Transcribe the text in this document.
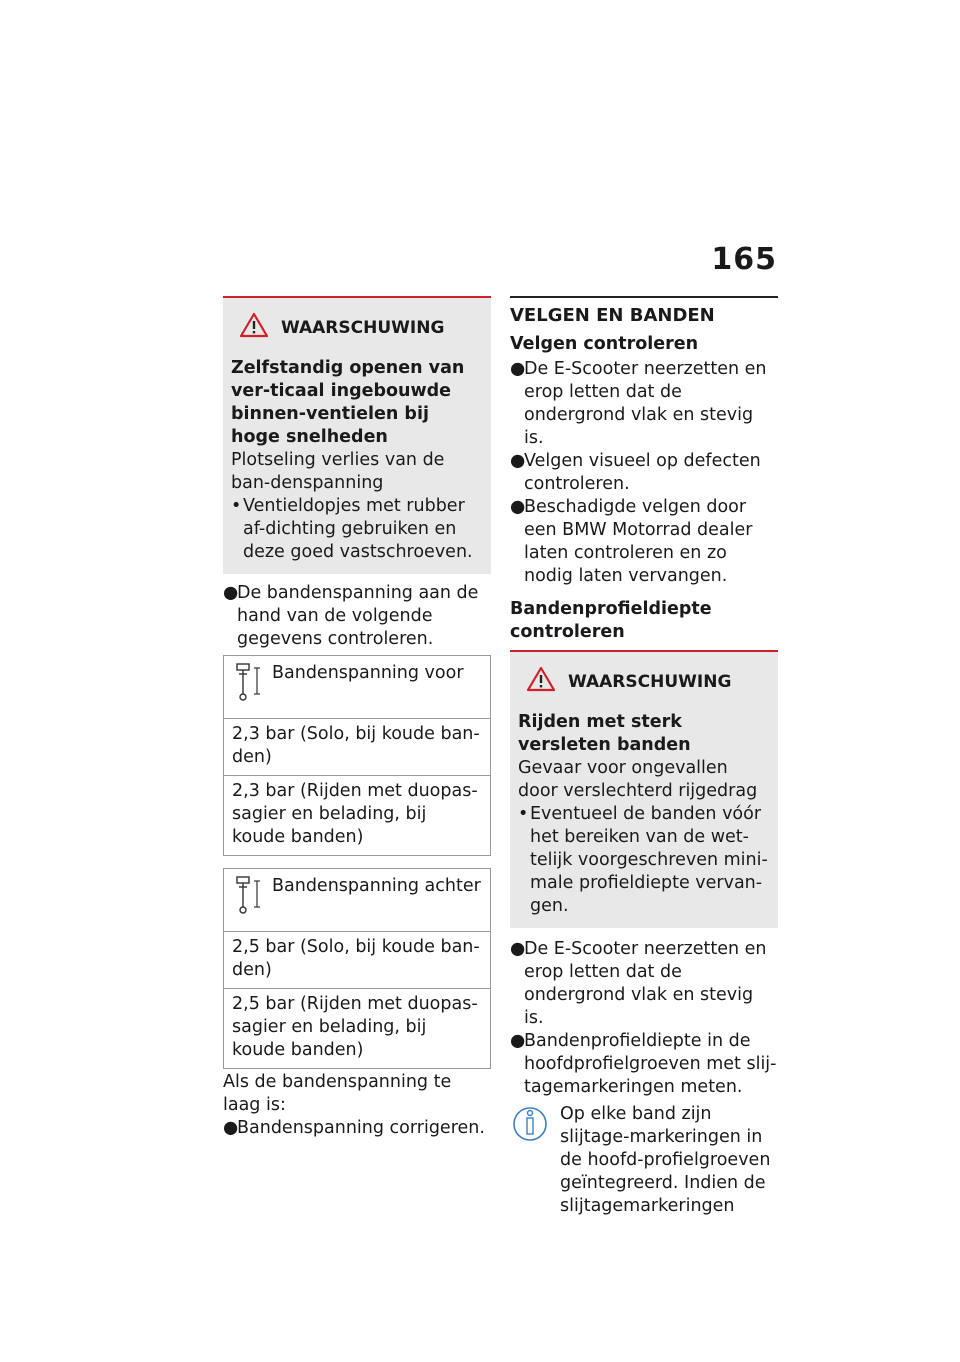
165
WAARSCHUWING
Zelfstandig openen van ver-ticaal ingebouwde binnen-ventielen bij hoge snelheden
Plotseling verlies van de ban-denspanning
• Ventieldopjes met rubber af-dichting gebruiken en deze goed vastschroeven.
●
De bandenspanning aan de hand van de volgende gegevens controleren.
Bandenspanning voor
2,3 bar (Solo, bij koude ban-den)
2,3 bar (Rijden met duopas-sagier en belading, bij koude banden)
Bandenspanning achter
2,5 bar (Solo, bij koude ban-den)
2,5 bar (Rijden met duopas-sagier en belading, bij koude banden)
Als de bandenspanning te laag is:
●
Bandenspanning corrigeren.
VELGEN EN BANDEN
Velgen controleren
●
De E-Scooter neerzetten en erop letten dat de ondergrond vlak en stevig is.
●
Velgen visueel op defecten controleren.
●
Beschadigde velgen door een BMW Motorrad dealer laten controleren en zo nodig laten vervangen.
Bandenprofieldiepte controleren
WAARSCHUWING
Rijden met sterk versleten banden
Gevaar voor ongevallen door verslechterd rijgedrag
• Eventueel de banden vóór het bereiken van de wet-telijk voorgeschreven mini-male profieldiepte vervan-gen.
●
De E-Scooter neerzetten en erop letten dat de ondergrond vlak en stevig is.
●
Bandenprofieldiepte in de hoofdprofielgroeven met slij-tagemarkeringen meten.
Op elke band zijn slijtage-markeringen in de hoofd-profielgroeven geïntegreerd. Indien de slijtagemarkeringen
